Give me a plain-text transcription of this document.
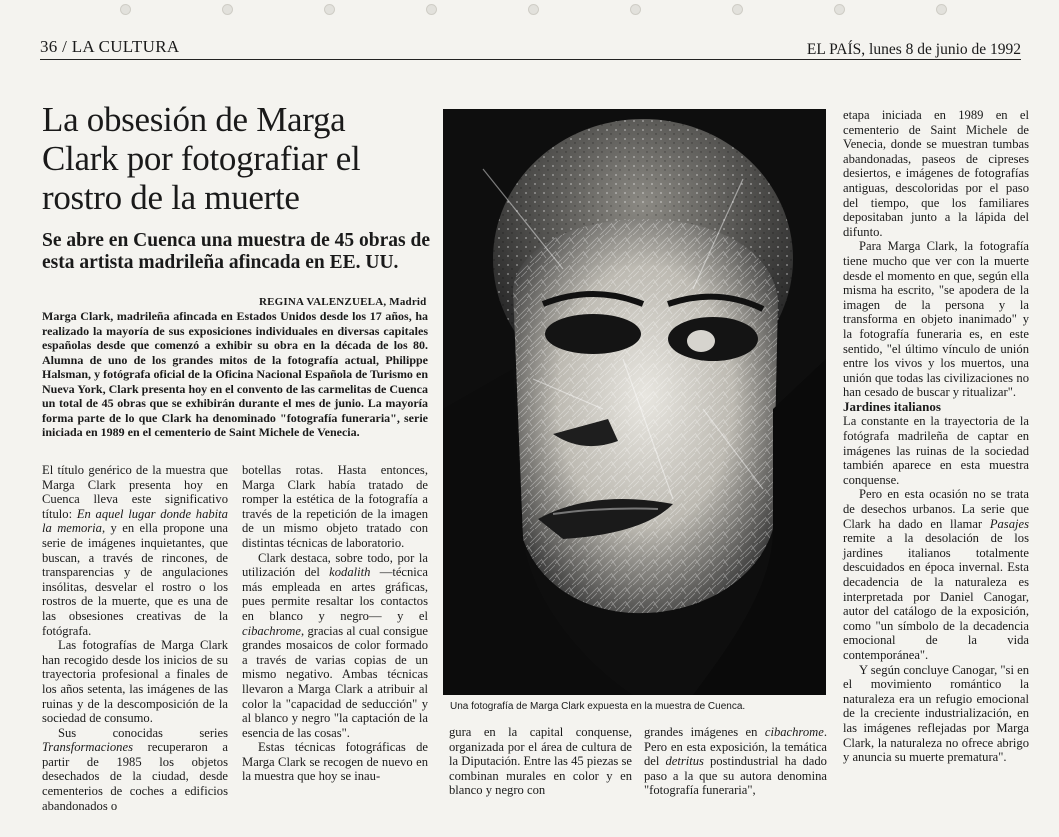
36 / LA CULTURA	EL PAÍS, lunes 8 de junio de 1992
La obsesión de Marga Clark por fotografiar el rostro de la muerte
Se abre en Cuenca una muestra de 45 obras de esta artista madrileña afincada en EE. UU.
REGINA VALENZUELA, Madrid

Marga Clark, madrileña afincada en Estados Unidos desde los 17 años, ha realizado la mayoría de sus exposiciones individuales en diversas capitales españolas desde que comenzó a exhibir su obra en la década de los 80. Alumna de uno de los grandes mitos de la fotografía actual, Philippe Halsman, y fotógrafa oficial de la Oficina Nacional Española de Turismo en Nueva York, Clark presenta hoy en el convento de las carmelitas de Cuenca un total de 45 obras que se exhibirán durante el mes de junio. La mayoría forma parte de lo que Clark ha denominado "fotografía funeraria", serie iniciada en 1989 en el cementerio de Saint Michele de Venecia.

El título genérico de la muestra que Marga Clark presenta hoy en Cuenca lleva este significativo título: En aquel lugar donde habita la memoria, y en ella propone una serie de imágenes inquietantes, que buscan, a través de rincones, de transparencias y de angulaciones insólitas, desvelar el rostro o los rostros de la muerte, que es una de las obsesiones creativas de la fotógrafa.

Las fotografías de Marga Clark han recogido desde los inicios de su trayectoria profesional a finales de los años setenta, las imágenes de las ruinas y de la descomposición de la sociedad de consumo.

Sus conocidas series Transformaciones recuperaron a partir de 1985 los objetos desechados de la ciudad, desde cementerios de coches a edificios abandonados o

botellas rotas. Hasta entonces, Marga Clark había tratado de romper la estética de la fotografía a través de la repetición de la imagen de un mismo objeto tratado con distintas técnicas de laboratorio.

Clark destaca, sobre todo, por la utilización del kodalith —técnica más empleada en artes gráficas, pues permite resaltar los contactos en blanco y negro— y el cibachrome, gracias al cual consigue grandes mosaicos de color formado a través de varias copias de un mismo negativo. Ambas técnicas llevaron a Marga Clark a atribuir al color la "capacidad de seducción" y al blanco y negro "la captación de la esencia de las cosas".

Estas técnicas fotográficas de Marga Clark se recogen de nuevo en la muestra que hoy se inau-

Una fotografía de Marga Clark expuesta en la muestra de Cuenca.

gura en la capital conquense, organizada por el área de cultura de la Diputación. Entre las 45 piezas se combinan murales en color y en blanco y negro con

grandes imágenes en cibachrome. Pero en esta exposición, la temática del detritus postindustrial ha dado paso a la que su autora denomina "fotografía funeraria",

etapa iniciada en 1989 en el cementerio de Saint Michele de Venecia, donde se muestran tumbas abandonadas, paseos de cipreses desiertos, e imágenes de fotografías antiguas, descoloridas por el paso del tiempo, que los familiares depositaban junto a la lápida del difunto.

Para Marga Clark, la fotografía tiene mucho que ver con la muerte desde el momento en que, según ella misma ha escrito, "se apodera de la imagen de la persona y la transforma en objeto inanimado" y la fotografía funeraria es, en este sentido, "el último vínculo de unión entre los vivos y los muertos, una unión que todas las civilizaciones no han cesado de buscar y ritualizar".

Jardines italianos

La constante en la trayectoria de la fotógrafa madrileña de captar en imágenes las ruinas de la sociedad también aparece en esta muestra conquense.

Pero en esta ocasión no se trata de desechos urbanos. La serie que Clark ha dado en llamar Pasajes remite a la desolación de los jardines italianos totalmente descuidados en época invernal. Esta decadencia de la naturaleza es interpretada por Daniel Canogar, autor del catálogo de la exposición, como "un símbolo de la decadencia emocional de la vida contemporánea".

Y según concluye Canogar, "si en el movimiento romántico la naturaleza era un refugio emocional de la creciente industrialización, en las imágenes reflejadas por Marga Clark, la naturaleza no ofrece abrigo y anuncia su muerte prematura".
